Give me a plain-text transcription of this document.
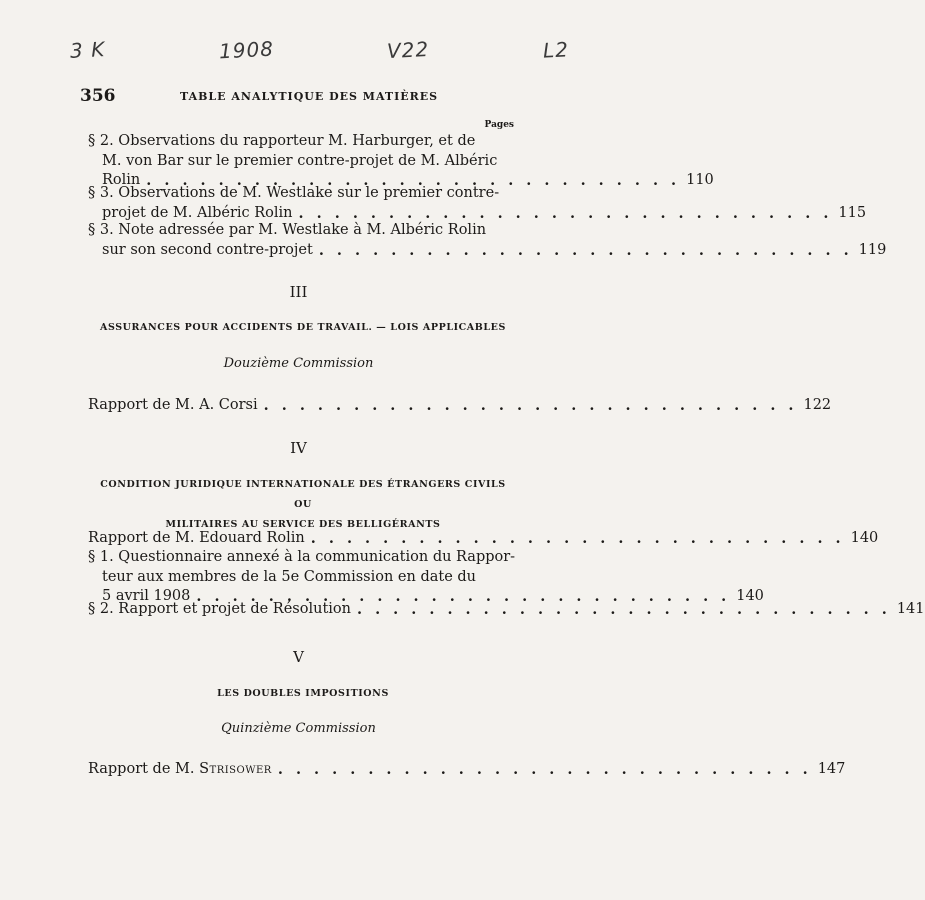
3 K	1908	V22	L2
356	TABLE ANALYTIQUE DES MATIÈRES
Pages
§ 2. Observations du rapporteur M. Harburger, et de
M. von Bar sur le premier contre-projet de M. Albéric
Rolin . . . . . . . . . . . . . . . . . . . . . . . . . . . . . . 110
§ 3. Observations de M. Westlake sur le premier contre-
projet de M. Albéric Rolin . . . . . . . . . . . . . . . . . . . . . . . . . . . . . . 115
§ 3. Note adressée par M. Westlake à M. Albéric Rolin
sur son second contre-projet . . . . . . . . . . . . . . . . . . . . . . . . . . . . . . 119
III
ASSURANCES POUR ACCIDENTS DE TRAVAIL. — LOIS APPLICABLES
Douzième Commission
Rapport de M. A. Corsi . . . . . . . . . . . . . . . . . . . . . . . . . . . . . . 122
IV
CONDITION JURIDIQUE INTERNATIONALE DES ÉTRANGERS CIVILS OU
MILITAIRES AU SERVICE DES BELLIGÉRANTS
Rapport de M. Edouard Rolin . . . . . . . . . . . . . . . . . . . . . . . . . . . . . . 140
§ 1. Questionnaire annexé à la communication du Rappor-
teur aux membres de la 5e Commission en date du
5 avril 1908 . . . . . . . . . . . . . . . . . . . . . . . . . . . . . . 140
§ 2. Rapport et projet de Résolution . . . . . . . . . . . . . . . . . . . . . . . . . . . . . . 141
V
LES DOUBLES IMPOSITIONS
Quinzième Commission
Rapport de M. Strisower . . . . . . . . . . . . . . . . . . . . . . . . . . . . . . 147
